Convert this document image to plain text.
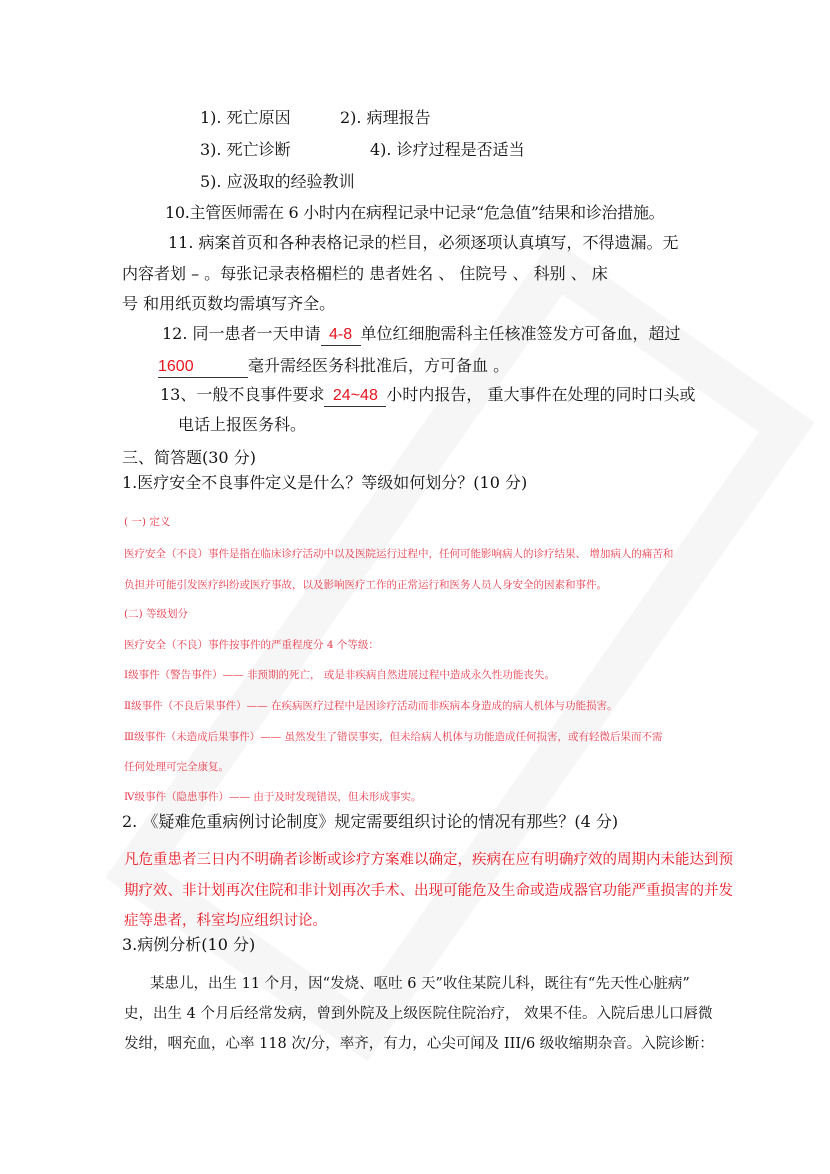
1). 死亡原因	2). 病理报告
3). 死亡诊断	4). 诊疗过程是否适当
5). 应汲取的经验教训
10.主管医师需在 6 小时内在病程记录中记录“危急值”结果和诊治措施。
11. 病案首页和各种表格记录的栏目，必须逐项认真填写，不得遗漏。无
内容者划 – 。每张记录表格楣栏的 患者姓名 、 住院号 、 科别 、 床
号 和用纸页数均需填写齐全。
12. 同一患者一天申请 4-8 单位红细胞需科主任核准签发方可备血，超过
1600	毫升需经医务科批准后，方可备血 。
13、一般不良事件要求 24~48 小时内报告， 重大事件在处理的同时口头或
电话上报医务科。
三、简答题(30 分)
1.医疗安全不良事件定义是什么？等级如何划分？(10 分)
( 一) 定义
医疗安全（不良）事件是指在临床诊疗活动中以及医院运行过程中，任何可能影响病人的诊疗结果、 增加病人的痛苦和
负担并可能引发医疗纠纷或医疗事故，以及影响医疗工作的正常运行和医务人员人身安全的因素和事件。
(二) 等级划分
医疗安全（不良）事件按事件的严重程度分 4 个等级：
Ⅰ级事件（警告事件）—— 非预期的死亡， 或是非疾病自然进展过程中造成永久性功能丧失。
Ⅱ级事件（不良后果事件）—— 在疾病医疗过程中是因诊疗活动而非疾病本身造成的病人机体与功能损害。
Ⅲ级事件（未造成后果事件）—— 虽然发生了错误事实，但未给病人机体与功能造成任何损害，或有轻微后果而不需
任何处理可完全康复。
Ⅳ级事件（隐患事件）—— 由于及时发现错误，但未形成事实。
2. 《疑难危重病例讨论制度》规定需要组织讨论的情况有那些？(4 分)
凡危重患者三日内不明确者诊断或诊疗方案难以确定，疾病在应有明确疗效的周期内未能达到预
期疗效、非计划再次住院和非计划再次手术、出现可能危及生命或造成器官功能严重损害的并发
症等患者，科室均应组织讨论。
3.病例分析(10 分)
某患儿，出生 11 个月，因“发烧、呕吐 6 天”收住某院儿科，既往有“先天性心脏病”
史，出生 4 个月后经常发病，曾到外院及上级医院住院治疗， 效果不佳。入院后患儿口唇微
发绀，咽充血，心率 118 次/分，率齐，有力，心尖可闻及 III/6 级收缩期杂音。入院诊断：
